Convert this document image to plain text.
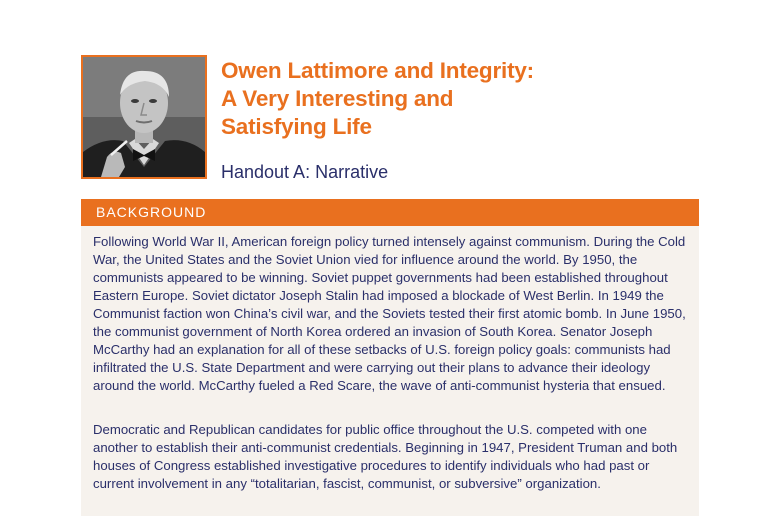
Owen Lattimore and Integrity:
A Very Interesting and
Satisfying Life
Handout A: Narrative
BACKGROUND

Following World War II, American foreign policy turned intensely against communism. During the Cold War, the United States and the Soviet Union vied for influence around the world. By 1950, the communists appeared to be winning. Soviet puppet governments had been established throughout Eastern Europe. Soviet dictator Joseph Stalin had imposed a blockade of West Berlin. In 1949 the Communist faction won China’s civil war, and the Soviets tested their first atomic bomb. In June 1950, the communist government of North Korea ordered an invasion of South Korea. Senator Joseph McCarthy had an explanation for all of these setbacks of U.S. foreign policy goals: communists had infiltrated the U.S. State Department and were carrying out their plans to advance their ideology around the world. McCarthy fueled a Red Scare, the wave of anti-communist hysteria that ensued.

Democratic and Republican candidates for public office throughout the U.S. competed with one another to establish their anti-communist credentials. Beginning in 1947, President Truman and both houses of Congress established investigative procedures to identify individuals who had past or current involvement in any “totalitarian, fascist, communist, or subversive” organization.
